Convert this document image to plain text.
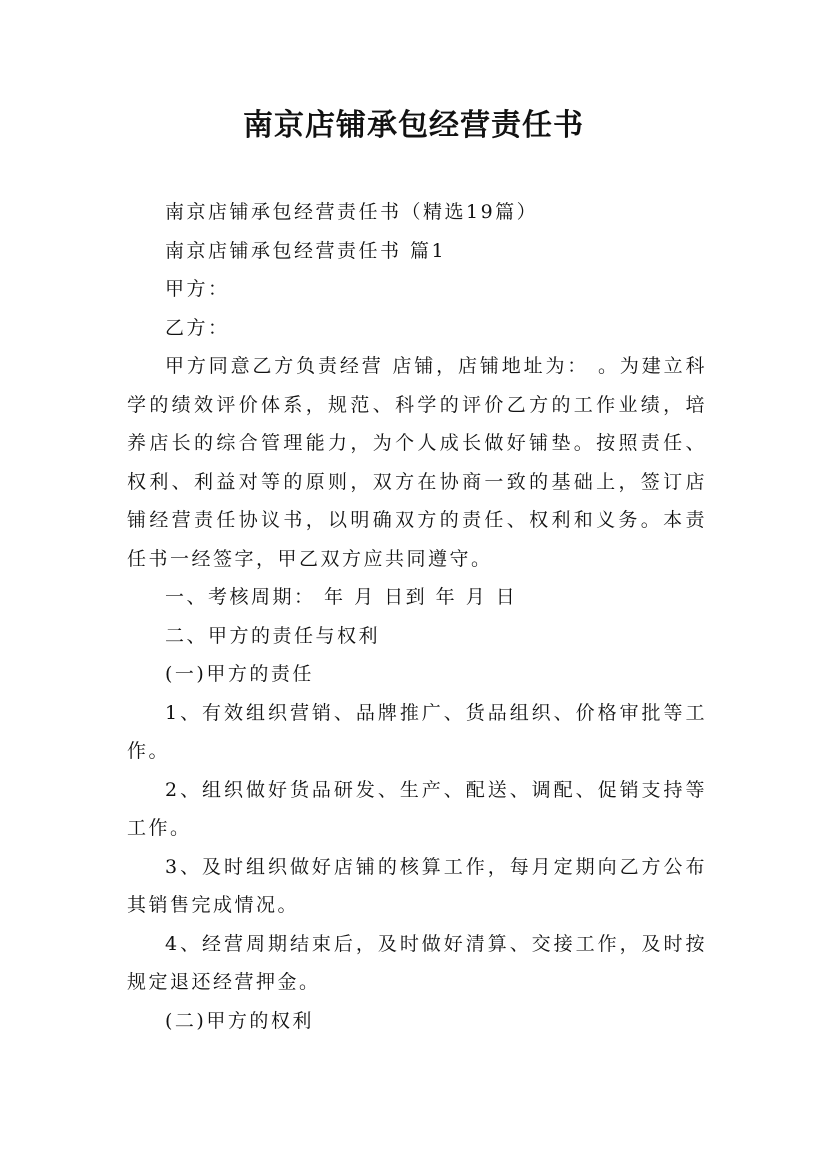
南京店铺承包经营责任书

南京店铺承包经营责任书（精选19篇）

南京店铺承包经营责任书 篇1

甲方：

乙方：

甲方同意乙方负责经营 店铺，店铺地址为： 。为建立科学的绩效评价体系，规范、科学的评价乙方的工作业绩，培养店长的综合管理能力，为个人成长做好铺垫。按照责任、权利、利益对等的原则，双方在协商一致的基础上，签订店铺经营责任协议书，以明确双方的责任、权利和义务。本责任书一经签字，甲乙双方应共同遵守。

一、考核周期： 年 月 日到 年 月 日

二、甲方的责任与权利

(一)甲方的责任

1、有效组织营销、品牌推广、货品组织、价格审批等工作。

2、组织做好货品研发、生产、配送、调配、促销支持等工作。

3、及时组织做好店铺的核算工作，每月定期向乙方公布其销售完成情况。

4、经营周期结束后，及时做好清算、交接工作，及时按规定退还经营押金。

(二)甲方的权利
